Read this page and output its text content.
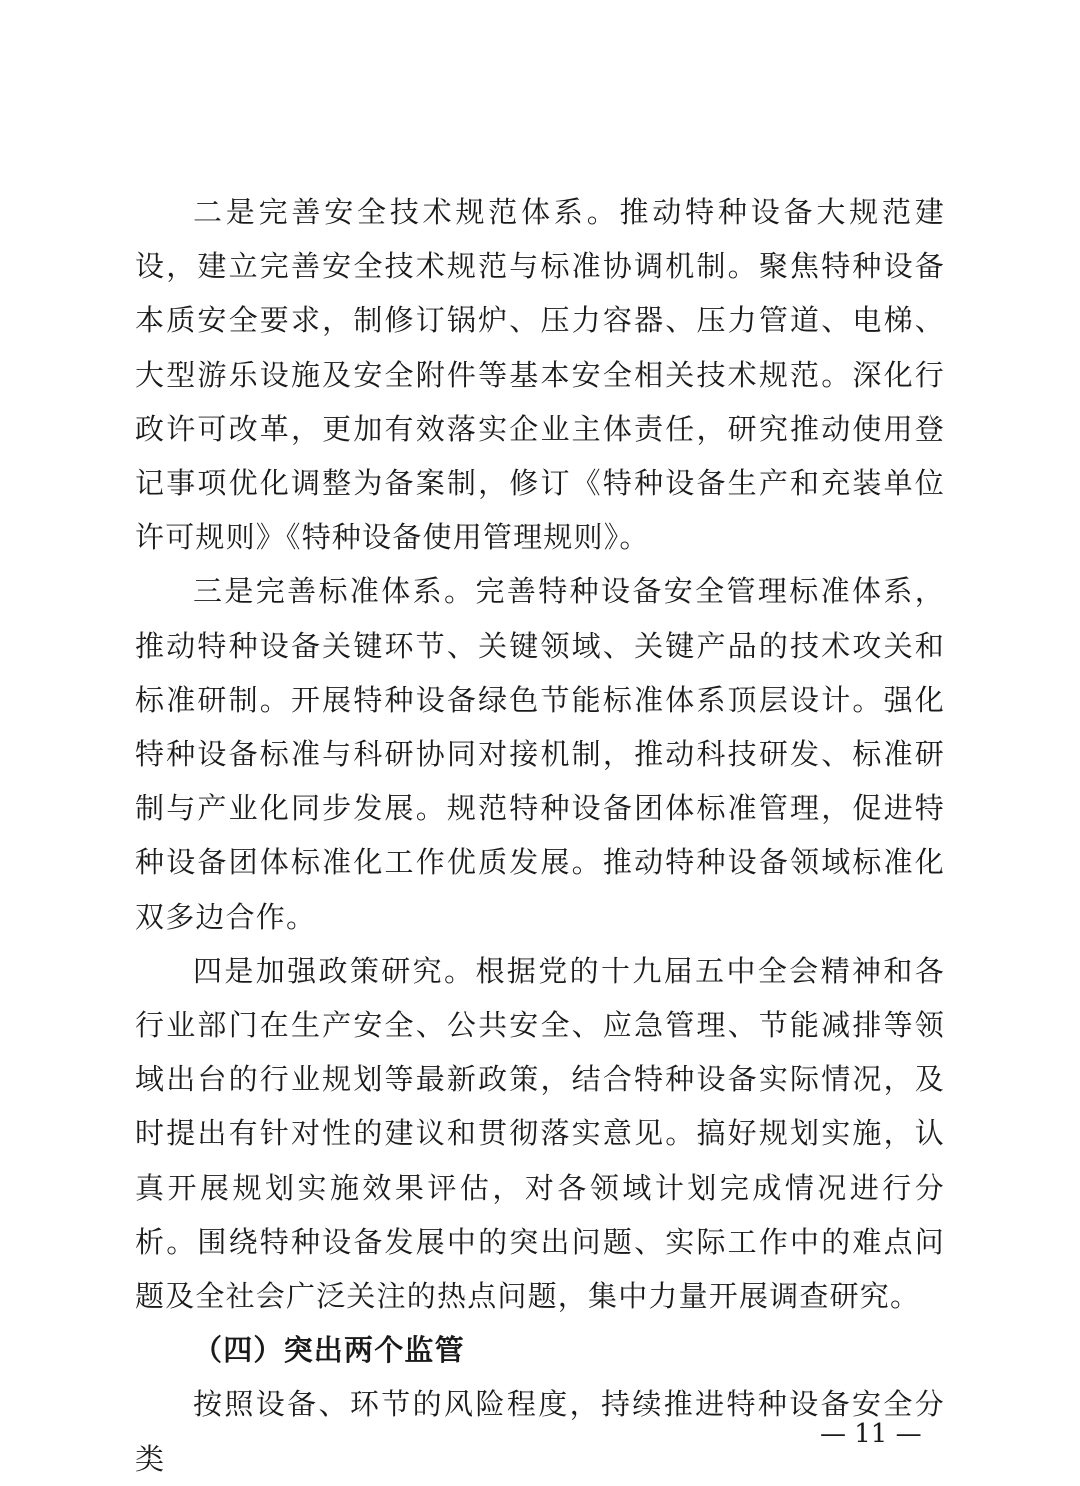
二是完善安全技术规范体系。推动特种设备大规范建设，建立完善安全技术规范与标准协调机制。聚焦特种设备本质安全要求，制修订锅炉、压力容器、压力管道、电梯、大型游乐设施及安全附件等基本安全相关技术规范。深化行政许可改革，更加有效落实企业主体责任，研究推动使用登记事项优化调整为备案制，修订《特种设备生产和充装单位许可规则》《特种设备使用管理规则》。

三是完善标准体系。完善特种设备安全管理标准体系，推动特种设备关键环节、关键领域、关键产品的技术攻关和标准研制。开展特种设备绿色节能标准体系顶层设计。强化特种设备标准与科研协同对接机制，推动科技研发、标准研制与产业化同步发展。规范特种设备团体标准管理，促进特种设备团体标准化工作优质发展。推动特种设备领域标准化双多边合作。

四是加强政策研究。根据党的十九届五中全会精神和各行业部门在生产安全、公共安全、应急管理、节能减排等领域出台的行业规划等最新政策，结合特种设备实际情况，及时提出有针对性的建议和贯彻落实意见。搞好规划实施，认真开展规划实施效果评估，对各领域计划完成情况进行分析。围绕特种设备发展中的突出问题、实际工作中的难点问题及全社会广泛关注的热点问题，集中力量开展调查研究。

（四）突出两个监管

按照设备、环节的风险程度，持续推进特种设备安全分类

— 11 —
